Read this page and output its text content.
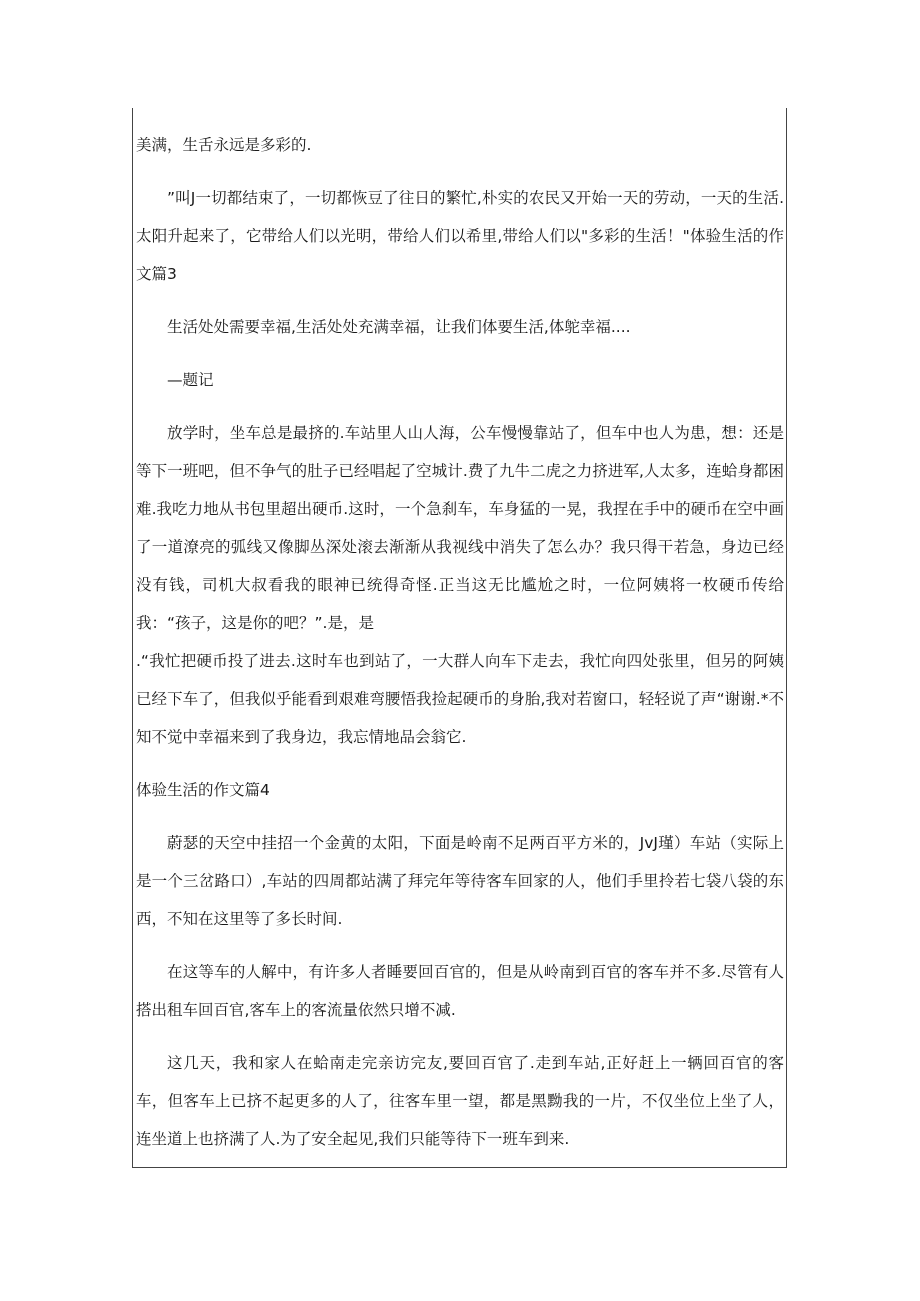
美满，生舌永远是多彩的.

”叫J一切都结束了，一切都恢豆了往日的繁忙,朴实的农民又开始一天的劳动，一天的生活.太阳升起来了，它带给人们以光明，带给人们以希里,带给人们以"多彩的生活！"体验生活的作文篇3

生活处处需要幸福,生活处处充满幸福，让我们体要生活,体鸵幸福....

—题记

放学时，坐车总是最挤的.车站里人山人海，公车慢慢靠站了，但车中也人为患，想：还是等下一班吧，但不争气的肚子已经唱起了空城计.费了九牛二虎之力挤进军,人太多，连蛤身都困难.我吃力地从书包里超出硬币.这时，一个急刹车，车身猛的一晃，我捏在手中的硬币在空中画了一道潦亮的弧线又像脚丛深处滚去渐渐从我视线中消失了怎么办？我只得干若急，身边已经没有钱，司机大叔看我的眼神已统得奇怪.正当这无比尴尬之时，一位阿姨将一枚硬币传给我：“孩子，这是你的吧？”.是，是

.“我忙把硬币投了进去.这时车也到站了，一大群人向车下走去，我忙向四处张里，但另的阿姨已经下车了，但我似乎能看到艰难弯腰悟我捡起硬币的身胎,我对若窗口，轻轻说了声“谢谢.*不知不觉中幸福来到了我身边，我忘情地品会翁它.

体验生活的作文篇4

蔚瑟的天空中挂招一个金黄的太阳，下面是岭南不足两百平方米的，JvJ瑾）车站（实际上是一个三岔路口）,车站的四周都站满了拜完年等待客车回家的人，他们手里拎若七袋八袋的东西，不知在这里等了多长时间.

在这等车的人解中，有许多人者睡要回百官的，但是从岭南到百官的客车并不多.尽管有人搭出租车回百官,客车上的客流量依然只增不减.

这几天，我和家人在蛤南走完亲访完友,要回百官了.走到车站,正好赶上一辆回百官的客车，但客车上已挤不起更多的人了，往客车里一望，都是黑黝我的一片，不仅坐位上坐了人，连坐道上也挤满了人.为了安全起见,我们只能等待下一班车到来.
